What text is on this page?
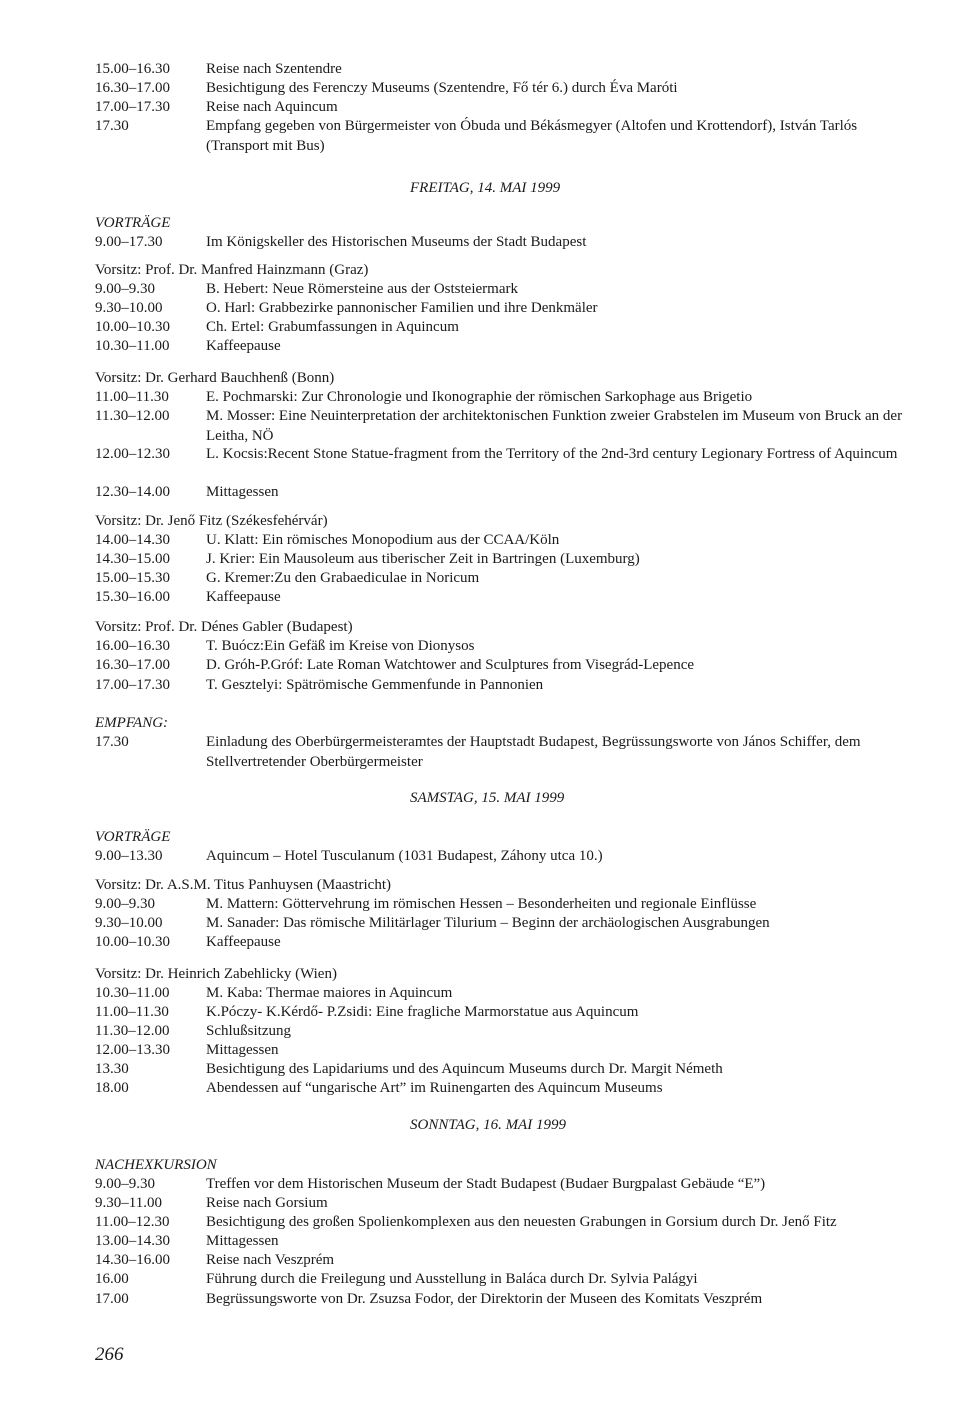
15.00–16.30 Reise nach Szentendre
16.30–17.00 Besichtigung des Ferenczy Museums (Szentendre, Fő tér 6.) durch Éva Maróti
17.00–17.30 Reise nach Aquincum
17.30	Empfang gegeben von Bürgermeister von Óbuda und Békásmegyer (Altofen und Krottendorf), István Tarlós (Transport mit Bus)
FREITAG, 14. MAI 1999
VORTRÄGE
9.00–17.30	Im Königskeller des Historischen Museums der Stadt Budapest
Vorsitz: Prof. Dr. Manfred Hainzmann (Graz)
9.00–9.30	B. Hebert: Neue Römersteine aus der Oststeiermark
9.30–10.00	O. Harl: Grabbezirke pannonischer Familien und ihre Denkmäler
10.00–10.30 Ch. Ertel: Grabumfassungen in Aquincum
10.30–11.00 Kaffeepause
Vorsitz: Dr. Gerhard Bauchhenß (Bonn)
11.00–11.30 E. Pochmarski: Zur Chronologie und Ikonographie der römischen Sarkophage aus Brigetio
11.30–12.00 M. Mosser: Eine Neuinterpretation der architektonischen Funktion zweier Grabstelen im Museum von Bruck an der Leitha, NÖ
12.00–12.30 L. Kocsis:Recent Stone Statue-fragment from the Territory of the 2nd-3rd century Legionary Fortress of Aquincum
12.30–14.00 Mittagessen
Vorsitz: Dr. Jenő Fitz (Székesfehérvár)
14.00–14.30 U. Klatt: Ein römisches Monopodium aus der CCAA/Köln
14.30–15.00 J. Krier: Ein Mausoleum aus tiberischer Zeit in Bartringen (Luxemburg)
15.00–15.30 G. Kremer:Zu den Grabaediculae in Noricum
15.30–16.00 Kaffeepause
Vorsitz: Prof. Dr. Dénes Gabler (Budapest)
16.00–16.30 T. Buócz:Ein Gefäß im Kreise von Dionysos
16.30–17.00 D. Gróh-P.Gróf: Late Roman Watchtower and Sculptures from Visegrád-Lepence
17.00–17.30 T. Gesztelyi: Spätrömische Gemmenfunde in Pannonien
EMPFANG:
17.30	Einladung des Oberbürgermeisteramtes der Hauptstadt Budapest, Begrüssungsworte von János Schiffer, dem Stellvertretender Oberbürgermeister
SAMSTAG, 15. MAI 1999
VORTRÄGE
9.00–13.30	Aquincum – Hotel Tusculanum (1031 Budapest, Záhony utca 10.)
Vorsitz: Dr. A.S.M. Titus Panhuysen (Maastricht)
9.00–9.30	M. Mattern: Göttervehrung im römischen Hessen – Besonderheiten und regionale Einflüsse
9.30–10.00	M. Sanader: Das römische Militärlager Tilurium – Beginn der archäologischen Ausgrabungen
10.00–10.30 Kaffeepause
Vorsitz: Dr. Heinrich Zabehlicky (Wien)
10.30–11.00 M. Kaba: Thermae maiores in Aquincum
11.00–11.30 K.Póczy- K.Kérdő- P.Zsidi: Eine fragliche Marmorstatue aus Aquincum
11.30–12.00 Schlußsitzung
12.00–13.30 Mittagessen
13.30	Besichtigung des Lapidariums und des Aquincum Museums durch Dr. Margit Németh
18.00	Abendessen auf “ungarische Art” im Ruinengarten des Aquincum Museums
SONNTAG, 16. MAI 1999
NACHEXKURSION
9.00–9.30	Treffen vor dem Historischen Museum der Stadt Budapest (Budaer Burgpalast Gebäude “E”)
9.30–11.00	Reise nach Gorsium
11.00–12.30 Besichtigung des großen Spolienkomplexen aus den neuesten Grabungen in Gorsium durch Dr. Jenő Fitz
13.00–14.30 Mittagessen
14.30–16.00 Reise nach Veszprém
16.00	Führung durch die Freilegung und Ausstellung in Baláca durch Dr. Sylvia Palágyi
17.00	Begrüssungsworte von Dr. Zsuzsa Fodor, der Direktorin der Museen des Komitats Veszprém
266
